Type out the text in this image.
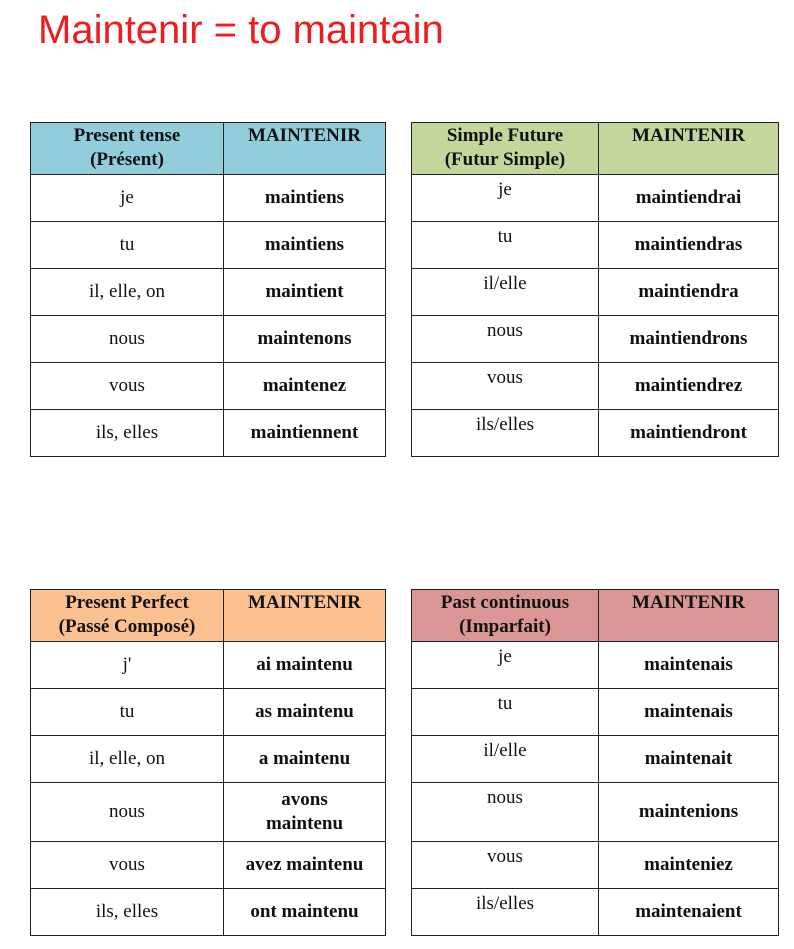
Maintenir = to maintain
Present tense
(Présent)	MAINTENIR
je	maintiens
tu	maintiens
il, elle, on	maintient
nous	maintenons
vous	maintenez
ils, elles	maintiennent
Simple Future
(Futur Simple)	MAINTENIR
je	maintiendrai
tu	maintiendras
il/elle	maintiendra
nous	maintiendrons
vous	maintiendrez
ils/elles	maintiendront
Present Perfect
(Passé Composé)	MAINTENIR
j'	ai maintenu
tu	as maintenu
il, elle, on	a maintenu
nous	avons
maintenu
vous	avez maintenu
ils, elles	ont maintenu
Past continuous
(Imparfait)	MAINTENIR
je	maintenais
tu	maintenais
il/elle	maintenait
nous	maintenions
vous	mainteniez
ils/elles	maintenaient
